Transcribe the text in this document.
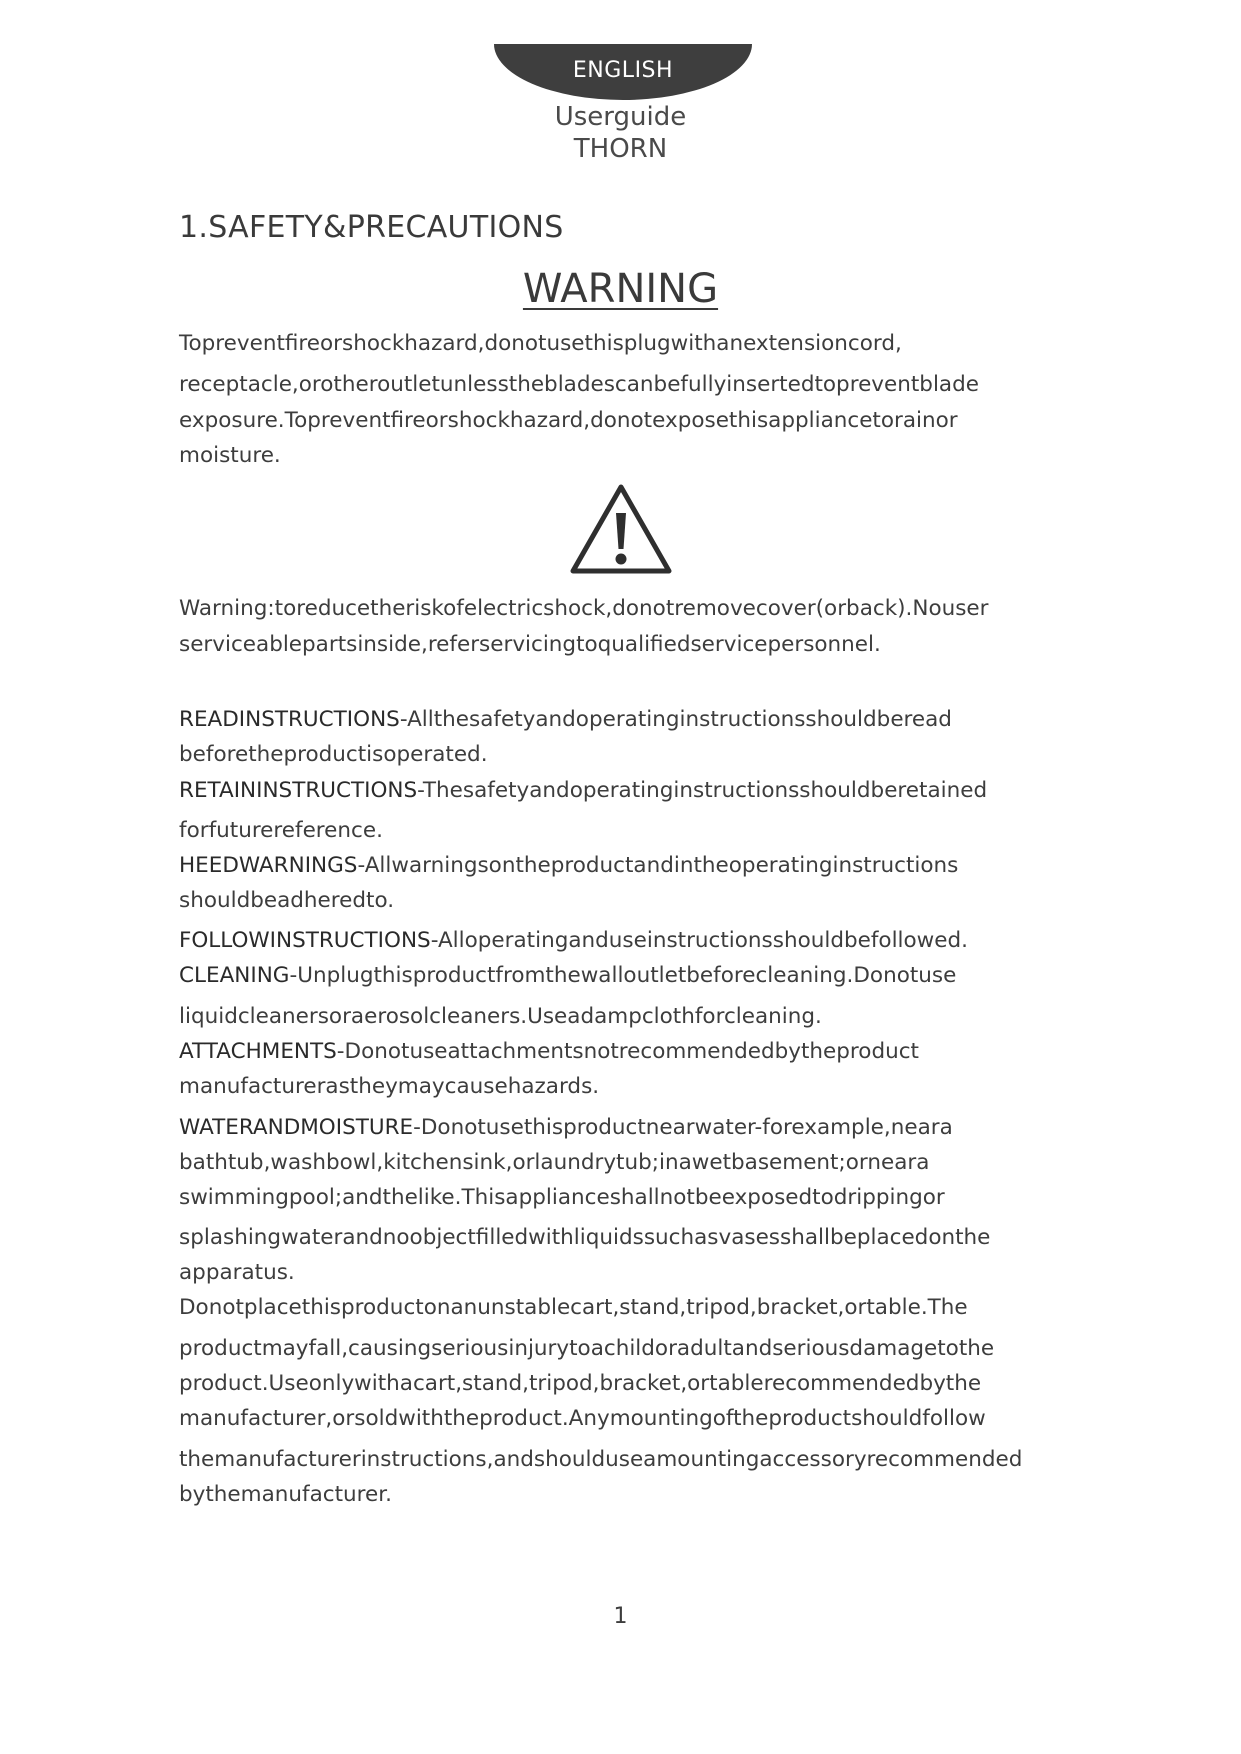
ENGLISH
Userguide
THORN
1.SAFETY&PRECAUTIONS
WARNING
Topreventfireorshockhazard,donotusethisplugwithanextensioncord,
receptacle,orotheroutletunlessthebladescanbefullyinsertedtopreventblade
exposure.Topreventfireorshockhazard,donotexposethisappliancetorainor
moisture.
Warning:toreducetheriskofelectricshock,donotremovecover(orback).Nouser
serviceablepartsinside,referservicingtoqualifiedservicepersonnel.
READINSTRUCTIONS-Allthesafetyandoperatinginstructionsshouldberead
beforetheproductisoperated.
RETAININSTRUCTIONS-Thesafetyandoperatinginstructionsshouldberetained
forfuturereference.
HEEDWARNINGS-Allwarningsontheproductandintheoperatinginstructions
shouldbeadheredto.
FOLLOWINSTRUCTIONS-Alloperatinganduseinstructionsshouldbefollowed.
CLEANING-Unplugthisproductfromthewalloutletbeforecleaning.Donotuse
liquidcleanersoraerosolcleaners.Useadampclothforcleaning.
ATTACHMENTS-Donotuseattachmentsnotrecommendedbytheproduct
manufacturerastheymaycausehazards.
WATERANDMOISTURE-Donotusethisproductnearwater-forexample,neara
bathtub,washbowl,kitchensink,orlaundrytub;inawetbasement;orneara
swimmingpool;andthelike.Thisapplianceshallnotbeexposedtodrippingor
splashingwaterandnoobjectfilledwithliquidssuchasvasesshallbeplacedonthe
apparatus.
Donotplacethisproductonanunstablecart,stand,tripod,bracket,ortable.The
productmayfall,causingseriousinjurytoachildoradultandseriousdamagetothe
product.Useonlywithacart,stand,tripod,bracket,ortablerecommendedbythe
manufacturer,orsoldwiththeproduct.Anymountingoftheproductshouldfollow
themanufacturerinstructions,andshoulduseamountingaccessoryrecommended
bythemanufacturer.
1
